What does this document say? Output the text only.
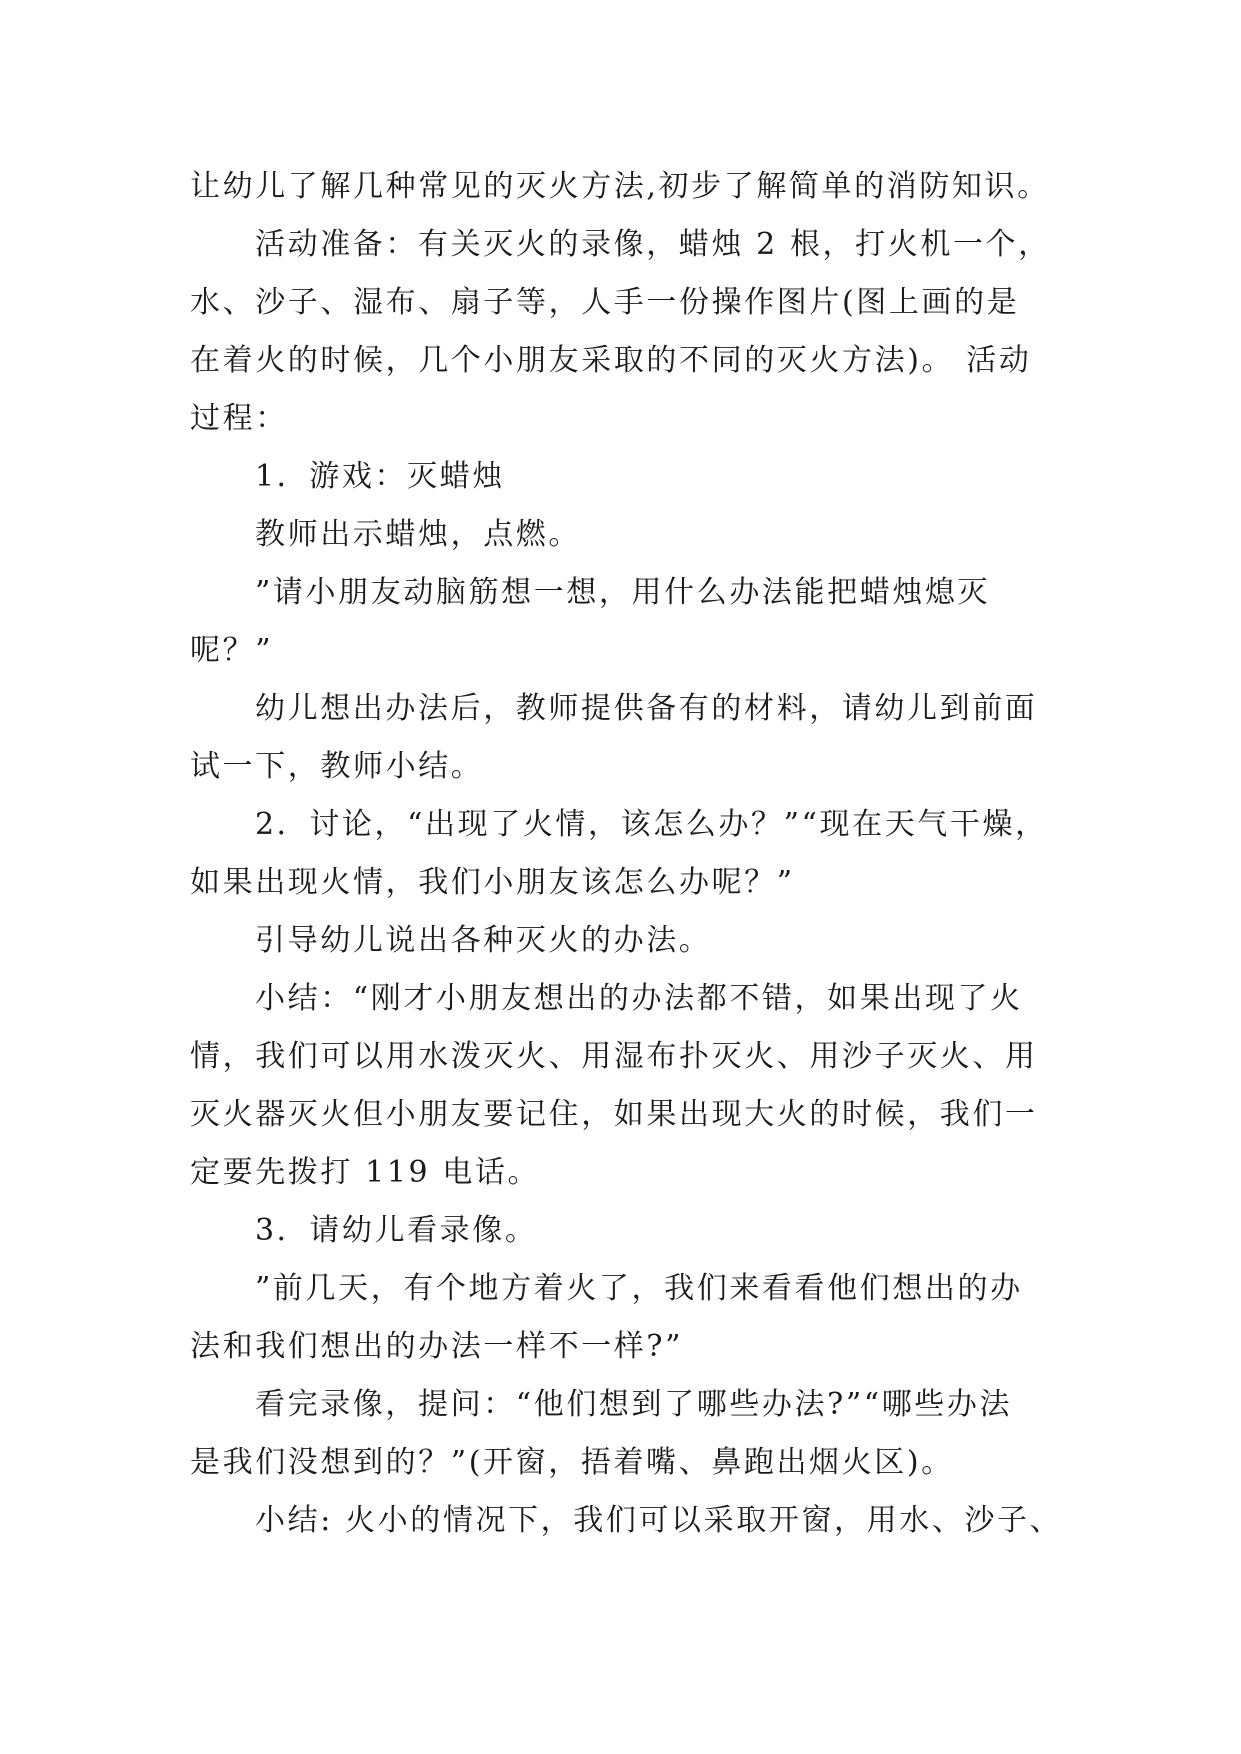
让幼儿了解几种常见的灭火方法,初步了解简单的消防知识。
活动准备：有关灭火的录像，蜡烛 2 根，打火机一个，
水、沙子、湿布、扇子等，人手一份操作图片(图上画的是
在着火的时候，几个小朋友采取的不同的灭火方法)。 活动
过程：
1．游戏：灭蜡烛
教师出示蜡烛，点燃。
”请小朋友动脑筋想一想，用什么办法能把蜡烛熄灭
呢？”
幼儿想出办法后，教师提供备有的材料，请幼儿到前面
试一下，教师小结。
2．讨论，“出现了火情，该怎么办？”“现在天气干燥，
如果出现火情，我们小朋友该怎么办呢？”
引导幼儿说出各种灭火的办法。
小结：“刚才小朋友想出的办法都不错，如果出现了火
情，我们可以用水泼灭火、用湿布扑灭火、用沙子灭火、用
灭火器灭火但小朋友要记住，如果出现大火的时候，我们一
定要先拨打 119 电话。
3．请幼儿看录像。
”前几天，有个地方着火了，我们来看看他们想出的办
法和我们想出的办法一样不一样?”
看完录像，提问：“他们想到了哪些办法?”“哪些办法
是我们没想到的？”(开窗，捂着嘴、鼻跑出烟火区)。
小结: 火小的情况下，我们可以采取开窗，用水、沙子、
